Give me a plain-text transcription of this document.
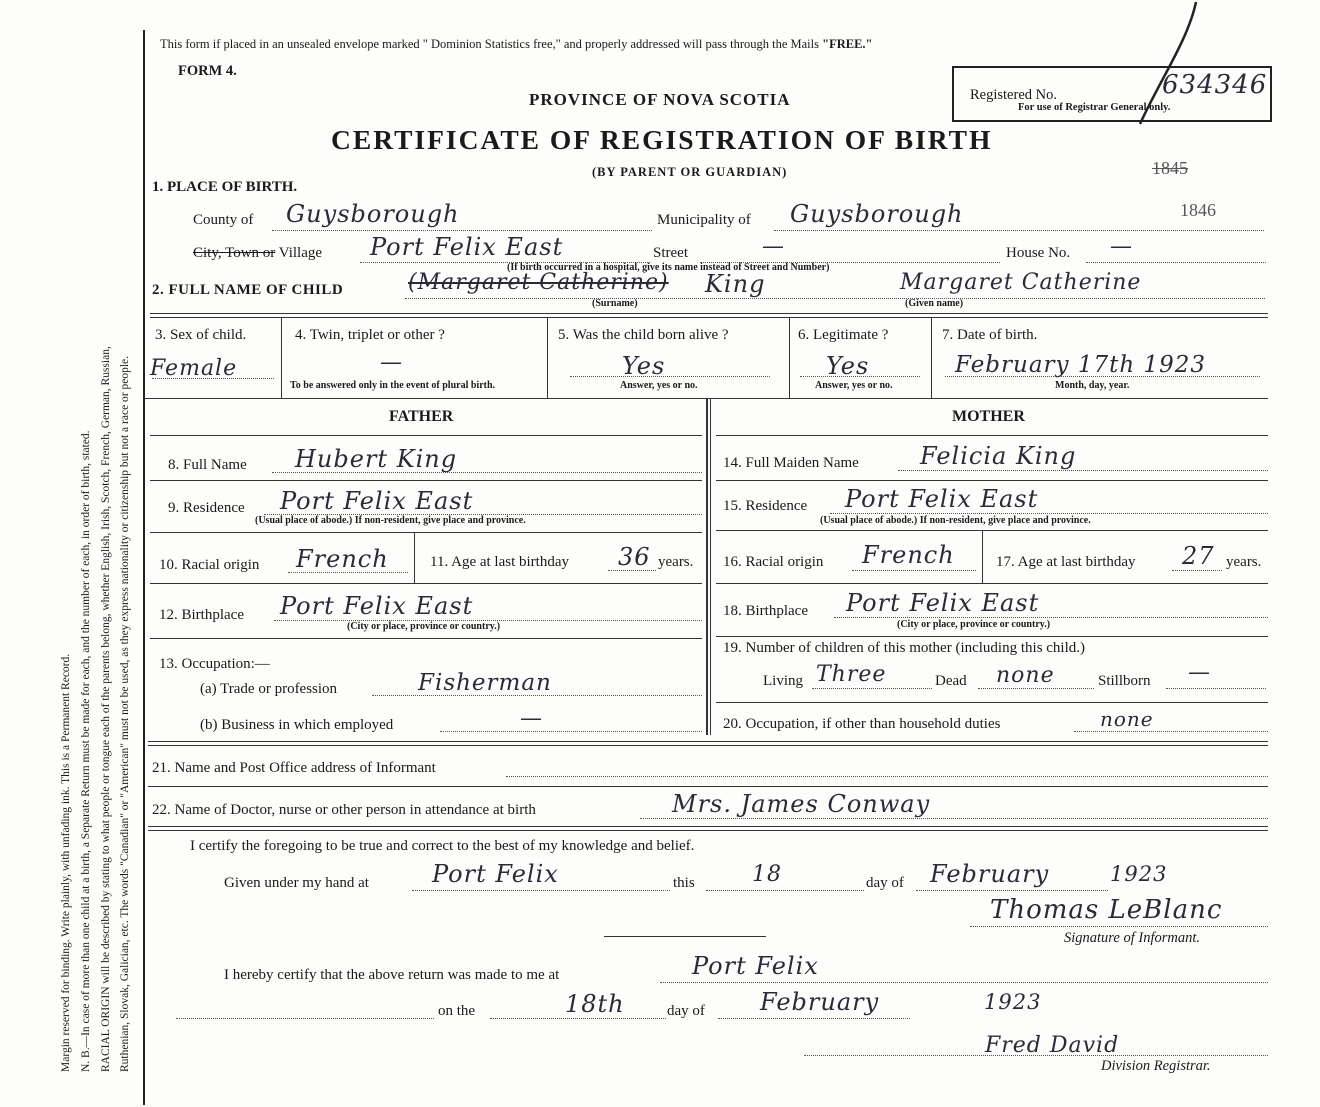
Margin reserved for binding. Write plainly, with unfading ink. This is a Permanent Record. N. B.—In case of more than one child at a birth, a Separate Return must be made for each, and the number of each, in order of birth, stated. RACIAL ORIGIN will be described by stating to what people or tongue each of the parents belong, whether English, Irish, Scotch, French, German, Russian, Ruthenian, Slovak, Galician, etc. The words "Canadian" or "American" must not be used, as they express nationality or citizenship but not a race or people.
This form if placed in an unsealed envelope marked " Dominion Statistics free," and properly addressed will pass through the Mails "FREE."
FORM 4.
PROVINCE OF NOVA SCOTIA
CERTIFICATE OF REGISTRATION OF BIRTH
(BY PARENT OR GUARDIAN)
Registered No.	634346
For use of Registrar General only.
1845
1846
1. PLACE OF BIRTH.
County of Guysborough	Municipality of Guysborough
City, Town or Village Port Felix East	Street	—	House No. —
(If birth occurred in a hospital, give its name instead of Street and Number)
2. FULL NAME OF CHILD	(Margaret Catherine) King
(Surname)
Margaret Catherine
(Given name)
3. Sex of child.
Female
4. Twin, triplet or other ?
—
To be answered only in the event of plural birth.
5. Was the child born alive ?
Yes
Answer, yes or no.
6. Legitimate ?
Yes
Answer, yes or no.
7. Date of birth.
February 17th 1923
Month, day, year.
FATHER	MOTHER
8. Full Name Hubert King
9. Residence Port Felix East
(Usual place of abode.) If non-resident, give place and province.
10. Racial origin French	11. Age at last birthday 36 years.
12. Birthplace Port Felix East
(City or place, province or country.)
13. Occupation:—
(a) Trade or profession	Fisherman
(b) Business in which employed	—
14. Full Maiden Name	Felicia King
15. Residence Port Felix East
(Usual place of abode.) If non-resident, give place and province.
16. Racial origin French	17. Age at last birthday 27 years.
18. Birthplace Port Felix East
(City or place, province or country.)
19. Number of children of this mother (including this child.)
Living Three	Dead none	Stillborn —
20. Occupation, if other than household duties	none
21. Name and Post Office address of Informant
22. Name of Doctor, nurse or other person in attendance at birth	Mrs. James Conway
I certify the foregoing to be true and correct to the best of my knowledge and belief.
Given under my hand at	Port Felix	this	18	day of February	1923
Thomas LeBlanc
Signature of Informant.
I hereby certify that the above return was made to me at	Port Felix
on the	18th	day of February	1923
Fred David
Division Registrar.
